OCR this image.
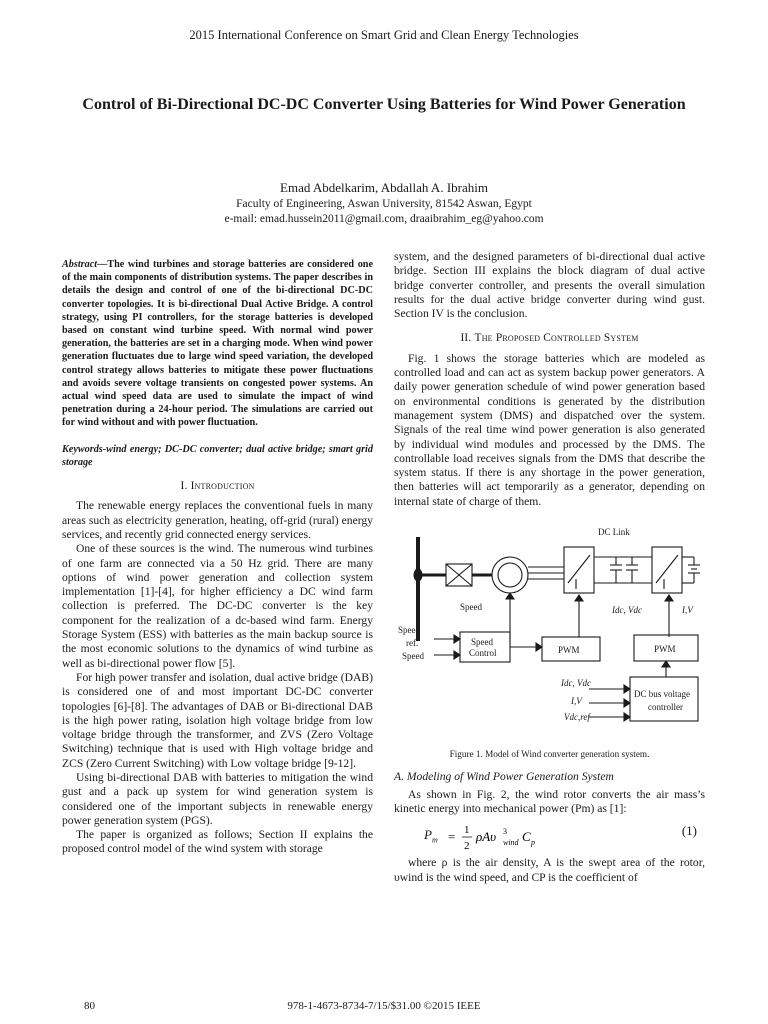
2015 International Conference on Smart Grid and Clean Energy Technologies
Control of Bi-Directional DC-DC Converter Using Batteries for Wind Power Generation
Emad Abdelkarim, Abdallah A. Ibrahim
Faculty of Engineering, Aswan University, 81542 Aswan, Egypt
e-mail: emad.hussein2011@gmail.com, draaibrahim_eg@yahoo.com

Abstract—The wind turbines and storage batteries are considered one of the main components of distribution systems. The paper describes in details the design and control of one of the bi-directional DC-DC converter topologies. It is bi-directional Dual Active Bridge. A control strategy, using PI controllers, for the storage batteries is developed based on constant wind turbine speed. With normal wind power generation, the batteries are set in a charging mode. When wind power generation fluctuates due to large wind speed variation, the developed control strategy allows batteries to mitigate these power fluctuations and avoids severe voltage transients on congested power systems. An actual wind speed data are used to simulate the impact of wind penetration during a 24-hour period. The simulations are carried out for wind without and with power fluctuation.

Keywords-wind energy; DC-DC converter; dual active bridge; smart grid storage

I. Introduction

The renewable energy replaces the conventional fuels in many areas such as electricity generation, heating, off-grid (rural) energy services, and recently grid connected energy services.

One of these sources is the wind. The numerous wind turbines of one farm are connected via a 50 Hz grid. There are many options of wind power generation and collection system implementation [1]-[4], for higher efficiency a DC wind farm collection is preferred. The DC-DC converter is the key component for the realization of a dc-based wind farm. Energy Storage System (ESS) with batteries as the main backup source is the most economic solutions to the dynamics of wind turbine as well as bi-directional power flow [5].

For high power transfer and isolation, dual active bridge (DAB) is considered one of and most important DC-DC converter topologies [6]-[8]. The advantages of DAB or Bi-directional DAB is the high power rating, isolation high voltage bridge from low voltage bridge through the transformer, and ZVS (Zero Voltage Switching) technique that is used with High voltage bridge and ZCS (Zero Current Switching) with Low voltage bridge [9-12].

Using bi-directional DAB with batteries to mitigation the wind gust and a pack up system for wind generation system is considered one of the important subjects in renewable energy power generation system (PGS).

The paper is organized as follows; Section II explains the proposed control model of the wind system with storage

system, and the designed parameters of bi-directional dual active bridge. Section III explains the block diagram of dual active bridge converter controller, and presents the overall simulation results for the dual active bridge converter during wind gust. Section IV is the conclusion.

II. The Proposed Controlled System

Fig. 1 shows the storage batteries which are modeled as controlled load and can act as system backup power generators. A daily power generation schedule of wind power generation based on environmental conditions is generated by the distribution management system (DMS) and dispatched over the system. Signals of the real time wind power generation is also generated by individual wind modules and processed by the DMS. The controllable load receives signals from the DMS that describe the system status. If there is any shortage in the power generation, then batteries will act temporarily as a generator, depending on internal state of charge of them.

DC Link
Speed	Idc, Vdc	I,V
Speed
ref.
Speed
Speed
Control	PWM	PWM
Idc, Vdc
I,V
Vdc,ref
DC bus voltage
controller

Figure 1. Model of Wind converter generation system.

A. Modeling of Wind Power Generation System

As shown in Fig. 2, the wind rotor converts the air mass’s kinetic energy into mechanical power (Pm) as [1]:

$P_m = 1$
2
ρAυ 3
wind C p
(1)

where ρ is the air density, A is the swept area of the rotor, υwind is the wind speed, and CP is the coefficient of

80	978-1-4673-8734-7/15/$31.00 ©2015 IEEE
